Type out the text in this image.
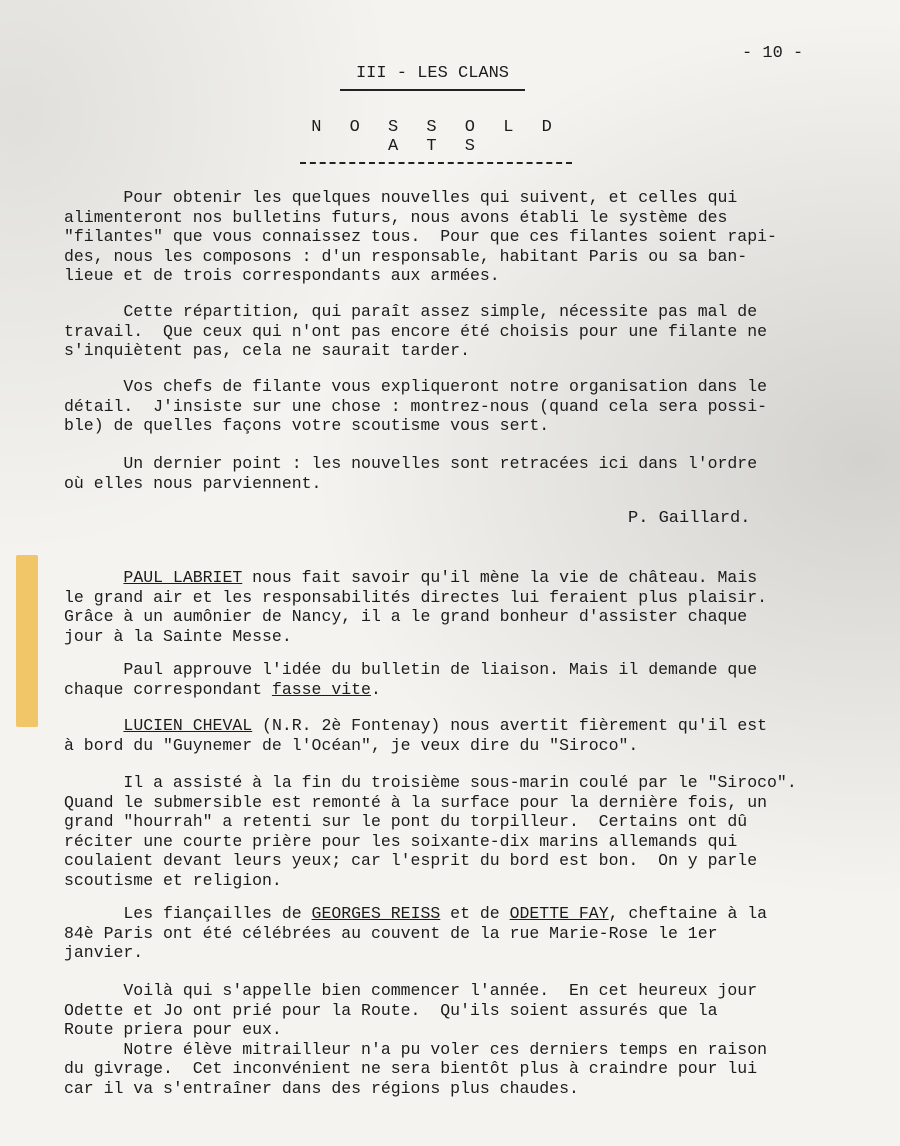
- 10 -
III - LES CLANS
N O S S O L D A T S
Pour obtenir les quelques nouvelles qui suivent, et celles qui
alimenteront nos bulletins futurs, nous avons établi le système des
"filantes" que vous connaissez tous.  Pour que ces filantes soient rapi-
des, nous les composons : d'un responsable, habitant Paris ou sa ban-
lieue et de trois correspondants aux armées.
Cette répartition, qui paraît assez simple, nécessite pas mal de
travail.  Que ceux qui n'ont pas encore été choisis pour une filante ne
s'inquiètent pas, cela ne saurait tarder.
Vos chefs de filante vous expliqueront notre organisation dans le
détail.  J'insiste sur une chose : montrez-nous (quand cela sera possi-
ble) de quelles façons votre scoutisme vous sert.
Un dernier point : les nouvelles sont retracées ici dans l'ordre
où elles nous parviennent.
P. Gaillard.
PAUL LABRIET nous fait savoir qu'il mène la vie de château. Mais
le grand air et les responsabilités directes lui feraient plus plaisir.
Grâce à un aumônier de Nancy, il a le grand bonheur d'assister chaque
jour à la Sainte Messe.
Paul approuve l'idée du bulletin de liaison. Mais il demande que
chaque correspondant fasse vite.
LUCIEN CHEVAL (N.R. 2è Fontenay) nous avertit fièrement qu'il est
à bord du "Guynemer de l'Océan", je veux dire du "Siroco".
Il a assisté à la fin du troisième sous-marin coulé par le "Siroco".
Quand le submersible est remonté à la surface pour la dernière fois, un
grand "hourrah" a retenti sur le pont du torpilleur.  Certains ont dû
réciter une courte prière pour les soixante-dix marins allemands qui
coulaient devant leurs yeux; car l'esprit du bord est bon.  On y parle
scoutisme et religion.
Les fiançailles de GEORGES REISS et de ODETTE FAY, cheftaine à la
84è Paris ont été célébrées au couvent de la rue Marie-Rose le 1er
janvier.
Voilà qui s'appelle bien commencer l'année.  En cet heureux jour
Odette et Jo ont prié pour la Route.  Qu'ils soient assurés que la
Route priera pour eux.
Notre élève mitrailleur n'a pu voler ces derniers temps en raison
du givrage.  Cet inconvénient ne sera bientôt plus à craindre pour lui
car il va s'entraîner dans des régions plus chaudes.
